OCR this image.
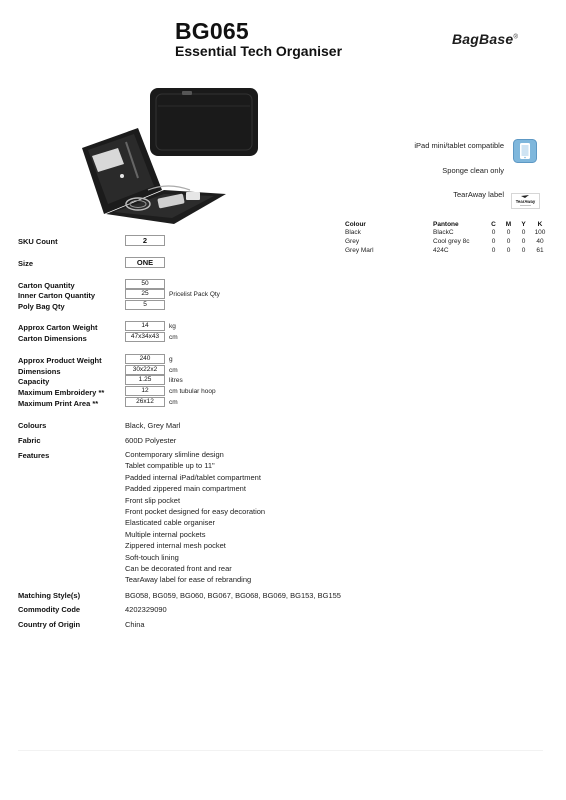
BG065
Essential Tech Organiser
BagBase®
iPad mini/tablet compatible
Sponge clean only
TearAway label
TearAway
Colour	Pantone	C	M	Y	K
Black	BlackC	0	0	0	100
Grey	Cool grey 8c	0	0	0	40
Grey Marl	424C	0	0	0	61
SKU Count	2
Size	ONE
Carton Quantity	50
Inner Carton Quantity	25	Pricelist Pack Qty
Poly Bag Qty	5
Approx Carton Weight	14	kg
Carton Dimensions	47x34x43	cm
Approx Product Weight	240	g
Dimensions	30x22x2	cm
Capacity	1.25	litres
Maximum Embroidery **	12	cm tubular hoop
Maximum Print Area **	26x12	cm
Colours	Black, Grey Marl
Fabric	600D Polyester
Features	Contemporary slimline design
Tablet compatible up to 11"
Padded internal iPad/tablet compartment
Padded zippered main compartment
Front slip pocket
Front pocket designed for easy decoration
Elasticated cable organiser
Multiple internal pockets
Zippered internal mesh pocket
Soft-touch lining
Can be decorated front and rear
TearAway label for ease of rebranding
Matching Style(s)	BG058, BG059, BG060, BG067, BG068, BG069, BG153, BG155
Commodity Code	4202329090
Country of Origin	China
